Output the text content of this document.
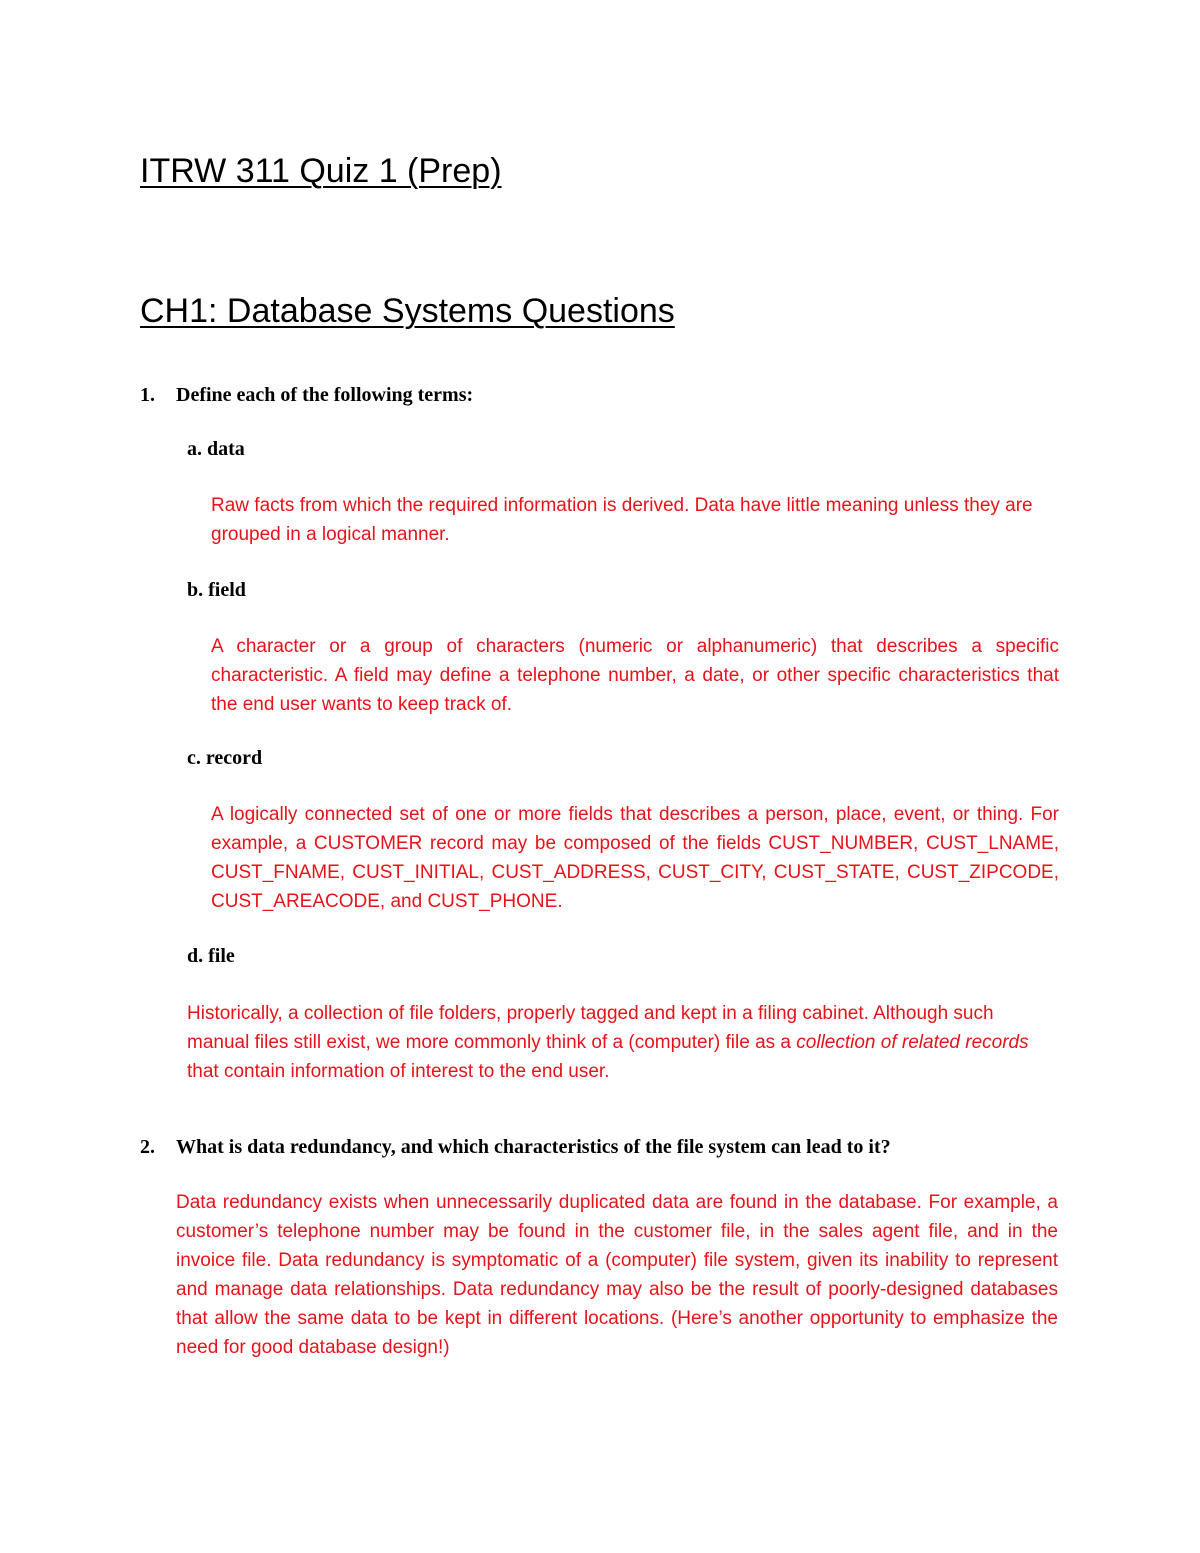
ITRW 311 Quiz 1 (Prep)
CH1: Database Systems Questions
1. Define each of the following terms:
a. data

Raw facts from which the required information is derived. Data have little meaning unless they are grouped in a logical manner.

b. field

A character or a group of characters (numeric or alphanumeric) that describes a specific characteristic. A field may define a telephone number, a date, or other specific characteristics that the end user wants to keep track of.

c. record

A logically connected set of one or more fields that describes a person, place, event, or thing. For example, a CUSTOMER record may be composed of the fields CUST_NUMBER, CUST_LNAME, CUST_FNAME, CUST_INITIAL, CUST_ADDRESS, CUST_CITY, CUST_STATE, CUST_ZIPCODE, CUST_AREACODE, and CUST_PHONE.

d. file

Historically, a collection of file folders, properly tagged and kept in a filing cabinet. Although such manual files still exist, we more commonly think of a (computer) file as a collection of related records that contain information of interest to the end user.

2. What is data redundancy, and which characteristics of the file system can lead to it?

Data redundancy exists when unnecessarily duplicated data are found in the database. For example, a customer’s telephone number may be found in the customer file, in the sales agent file, and in the invoice file. Data redundancy is symptomatic of a (computer) file system, given its inability to represent and manage data relationships. Data redundancy may also be the result of poorly-designed databases that allow the same data to be kept in different locations. (Here’s another opportunity to emphasize the need for good database design!)
